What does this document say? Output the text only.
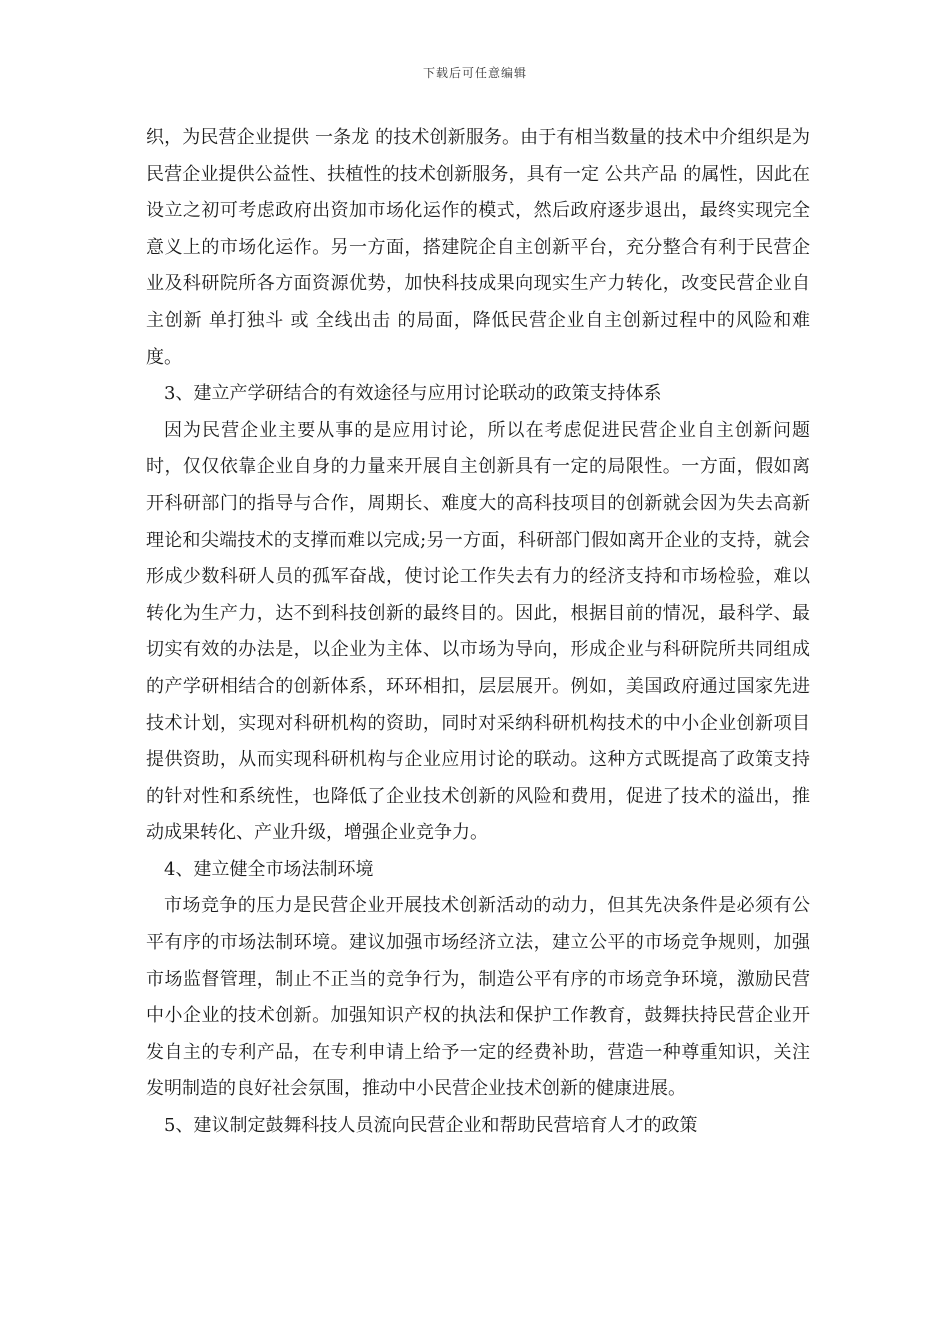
下载后可任意编辑

织，为民营企业提供 一条龙 的技术创新服务。由于有相当数量的技术中介组织是为民营企业提供公益性、扶植性的技术创新服务，具有一定 公共产品 的属性，因此在设立之初可考虑政府出资加市场化运作的模式，然后政府逐步退出，最终实现完全意义上的市场化运作。另一方面，搭建院企自主创新平台，充分整合有利于民营企业及科研院所各方面资源优势，加快科技成果向现实生产力转化，改变民营企业自主创新 单打独斗 或 全线出击 的局面，降低民营企业自主创新过程中的风险和难度。

3、建立产学研结合的有效途径与应用讨论联动的政策支持体系

因为民营企业主要从事的是应用讨论，所以在考虑促进民营企业自主创新问题时，仅仅依靠企业自身的力量来开展自主创新具有一定的局限性。一方面，假如离开科研部门的指导与合作，周期长、难度大的高科技项目的创新就会因为失去高新理论和尖端技术的支撑而难以完成;另一方面，科研部门假如离开企业的支持，就会形成少数科研人员的孤军奋战，使讨论工作失去有力的经济支持和市场检验，难以转化为生产力，达不到科技创新的最终目的。因此，根据目前的情况，最科学、最切实有效的办法是，以企业为主体、以市场为导向，形成企业与科研院所共同组成的产学研相结合的创新体系，环环相扣，层层展开。例如，美国政府通过国家先进技术计划，实现对科研机构的资助，同时对采纳科研机构技术的中小企业创新项目提供资助，从而实现科研机构与企业应用讨论的联动。这种方式既提高了政策支持的针对性和系统性，也降低了企业技术创新的风险和费用，促进了技术的溢出，推动成果转化、产业升级，增强企业竞争力。

4、建立健全市场法制环境

市场竞争的压力是民营企业开展技术创新活动的动力，但其先决条件是必须有公平有序的市场法制环境。建议加强市场经济立法，建立公平的市场竞争规则，加强市场监督管理，制止不正当的竞争行为，制造公平有序的市场竞争环境，激励民营中小企业的技术创新。加强知识产权的执法和保护工作教育，鼓舞扶持民营企业开发自主的专利产品，在专利申请上给予一定的经费补助，营造一种尊重知识，关注发明制造的良好社会氛围，推动中小民营企业技术创新的健康进展。

5、建议制定鼓舞科技人员流向民营企业和帮助民营培育人才的政策
